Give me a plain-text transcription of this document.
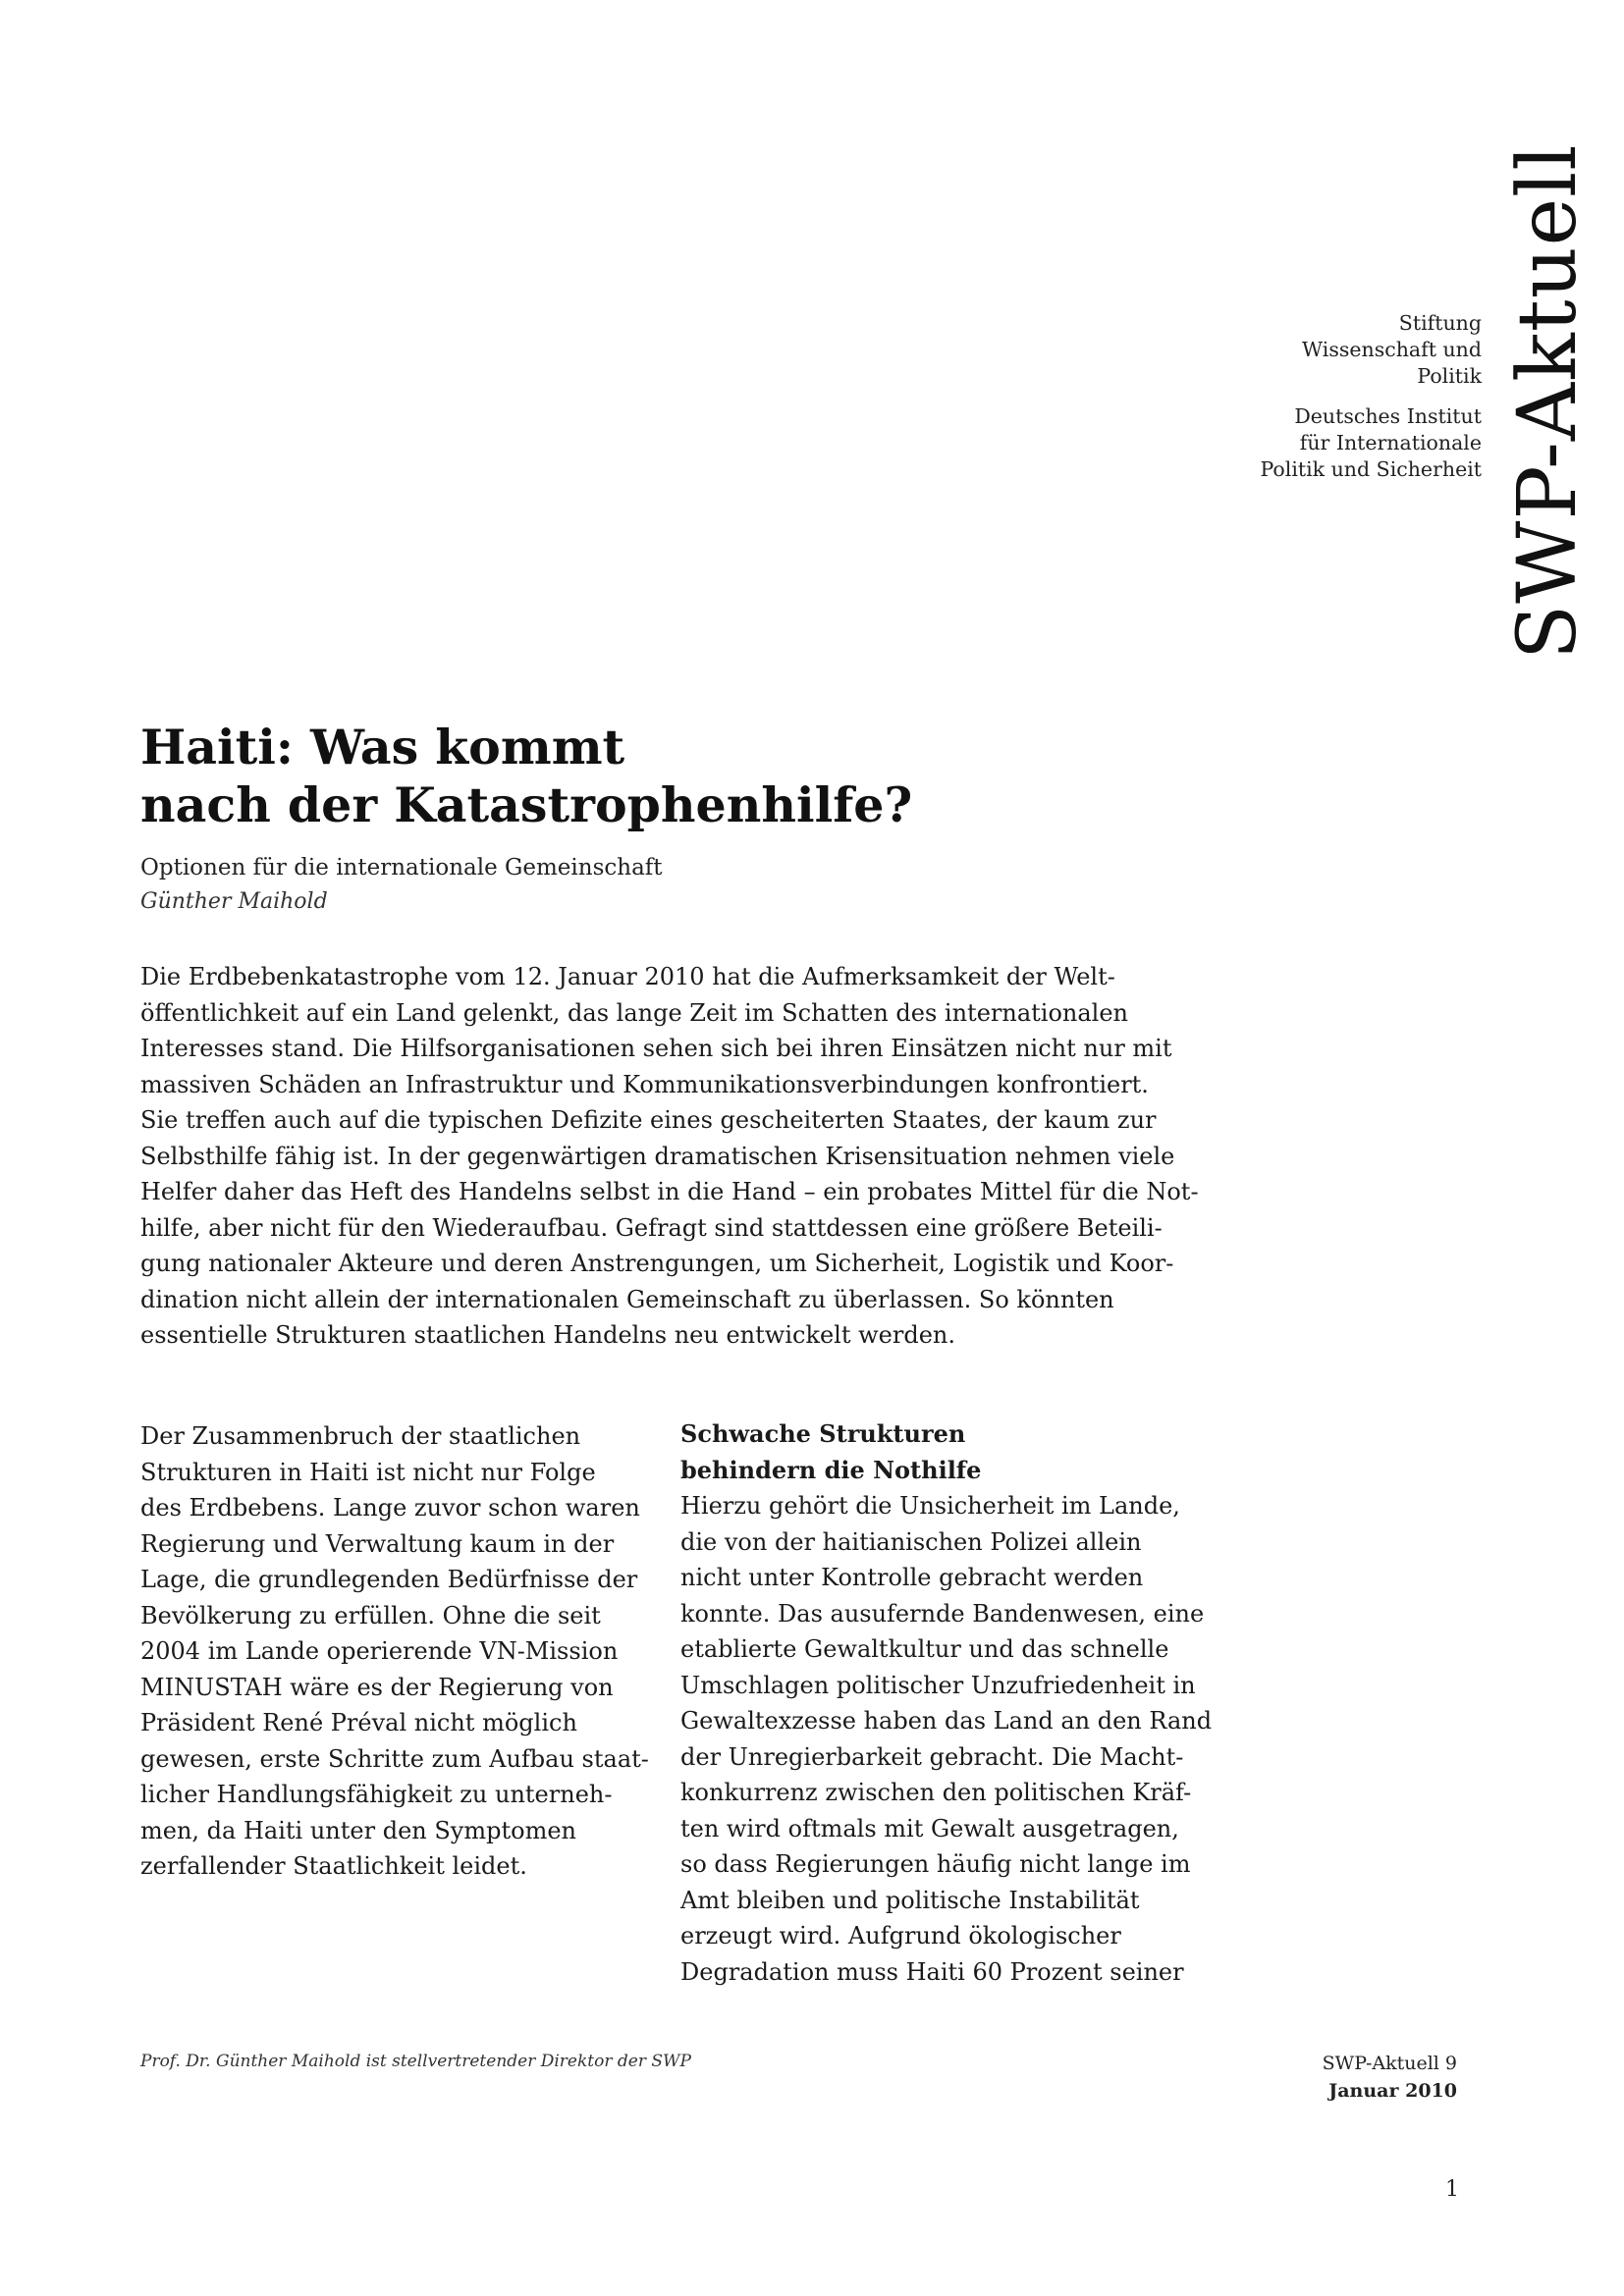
SWP-Aktuell
Stiftung
Wissenschaft und
Politik
Deutsches Institut
für Internationale
Politik und Sicherheit
Haiti: Was kommt
nach der Katastrophenhilfe?
Optionen für die internationale Gemeinschaft
Günther Maihold
Die Erdbebenkatastrophe vom 12. Januar 2010 hat die Aufmerksamkeit der Welt-
öffentlichkeit auf ein Land gelenkt, das lange Zeit im Schatten des internationalen
Interesses stand. Die Hilfsorganisationen sehen sich bei ihren Einsätzen nicht nur mit
massiven Schäden an Infrastruktur und Kommunikationsverbindungen konfrontiert.
Sie treffen auch auf die typischen Defizite eines gescheiterten Staates, der kaum zur
Selbsthilfe fähig ist. In der gegenwärtigen dramatischen Krisensituation nehmen viele
Helfer daher das Heft des Handelns selbst in die Hand – ein probates Mittel für die Not-
hilfe, aber nicht für den Wiederaufbau. Gefragt sind stattdessen eine größere Beteili-
gung nationaler Akteure und deren Anstrengungen, um Sicherheit, Logistik und Koor-
dination nicht allein der internationalen Gemeinschaft zu überlassen. So könnten
essentielle Strukturen staatlichen Handelns neu entwickelt werden.
Der Zusammenbruch der staatlichen
Strukturen in Haiti ist nicht nur Folge
des Erdbebens. Lange zuvor schon waren
Regierung und Verwaltung kaum in der
Lage, die grundlegenden Bedürfnisse der
Bevölkerung zu erfüllen. Ohne die seit
2004 im Lande operierende VN-Mission
MINUSTAH wäre es der Regierung von
Präsident René Préval nicht möglich
gewesen, erste Schritte zum Aufbau staat-
licher Handlungsfähigkeit zu unterneh-
men, da Haiti unter den Symptomen
zerfallender Staatlichkeit leidet.
Schwache Strukturen
behindern die Nothilfe
Hierzu gehört die Unsicherheit im Lande,
die von der haitianischen Polizei allein
nicht unter Kontrolle gebracht werden
konnte. Das ausufernde Bandenwesen, eine
etablierte Gewaltkultur und das schnelle
Umschlagen politischer Unzufriedenheit in
Gewaltexzesse haben das Land an den Rand
der Unregierbarkeit gebracht. Die Macht-
konkurrenz zwischen den politischen Kräf-
ten wird oftmals mit Gewalt ausgetragen,
so dass Regierungen häufig nicht lange im
Amt bleiben und politische Instabilität
erzeugt wird. Aufgrund ökologischer
Degradation muss Haiti 60 Prozent seiner
Prof. Dr. Günther Maihold ist stellvertretender Direktor der SWP	SWP-Aktuell 9
Januar 2010
1
